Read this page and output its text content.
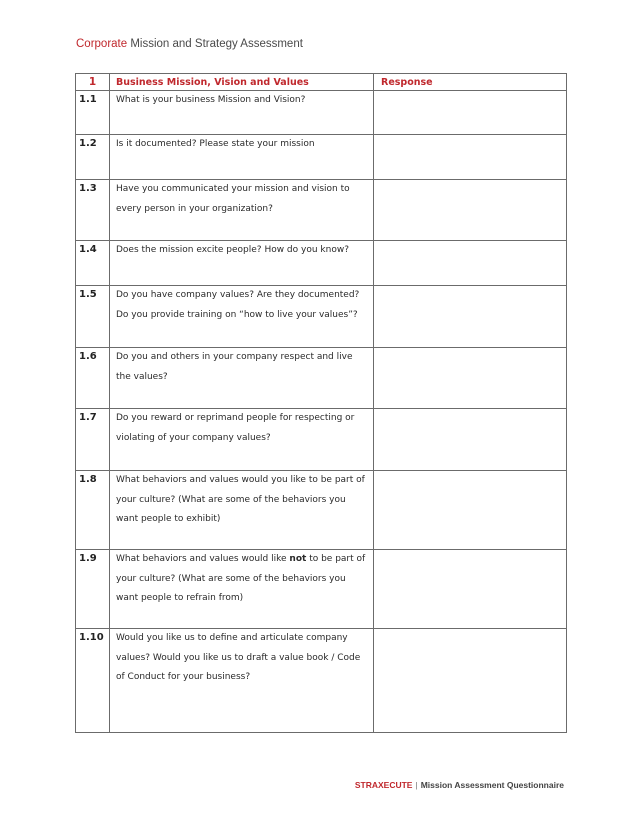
Corporate Mission and Strategy Assessment
1	Business Mission, Vision and Values	Response
1.1	What is your business Mission and Vision?	
1.2	Is it documented? Please state your mission	
1.3	Have you communicated your mission and vision to every person in your organization?	
1.4	Does the mission excite people? How do you know?	
1.5	Do you have company values? Are they documented? Do you provide training on “how to live your values”?	
1.6	Do you and others in your company respect and live the values?	
1.7	Do you reward or reprimand people for respecting or violating of your company values?	
1.8	What behaviors and values would you like to be part of your culture? (What are some of the behaviors you want people to exhibit)	
1.9	What behaviors and values would like not to be part of your culture? (What are some of the behaviors you want people to refrain from)	
1.10	Would you like us to define and articulate company values? Would you like us to draft a value book / Code of Conduct for your business?	
STRAXECUTE | Mission Assessment Questionnaire
